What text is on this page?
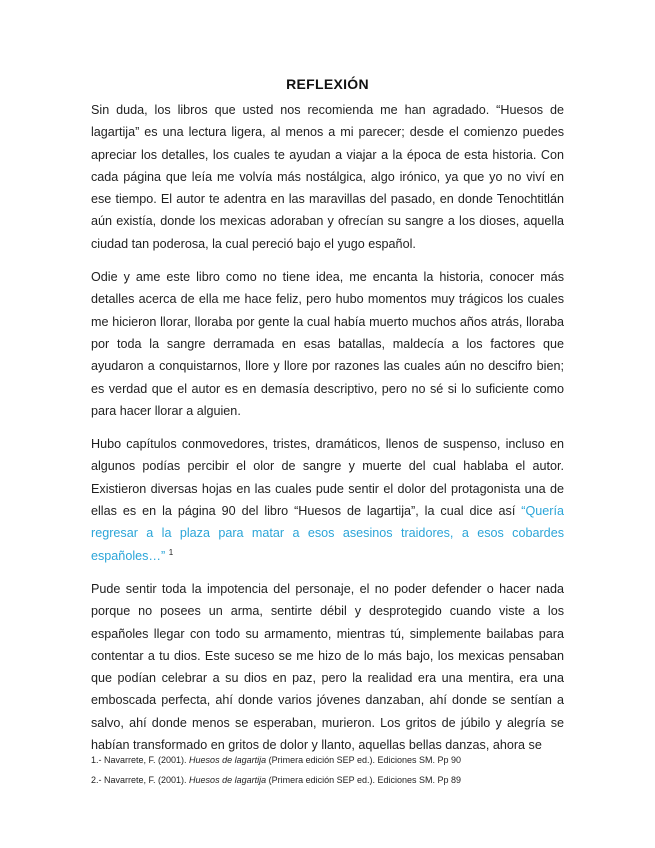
REFLEXIÓN

Sin duda, los libros que usted nos recomienda me han agradado. “Huesos de lagartija” es una lectura ligera, al menos a mi parecer; desde el comienzo puedes apreciar los detalles, los cuales te ayudan a viajar a la época de esta historia. Con cada página que leía me volvía más nostálgica, algo irónico, ya que yo no viví en ese tiempo. El autor te adentra en las maravillas del pasado, en donde Tenochtitlán aún existía, donde los mexicas adoraban y ofrecían su sangre a los dioses, aquella ciudad tan poderosa, la cual pereció bajo el yugo español.

Odie y ame este libro como no tiene idea, me encanta la historia, conocer más detalles acerca de ella me hace feliz, pero hubo momentos muy trágicos los cuales me hicieron llorar, lloraba por gente la cual había muerto muchos años atrás, lloraba por toda la sangre derramada en esas batallas, maldecía a los factores que ayudaron a conquistarnos, llore y llore por razones las cuales aún no descifro bien; es verdad que el autor es en demasía descriptivo, pero no sé si lo suficiente como para hacer llorar a alguien.

Hubo capítulos conmovedores, tristes, dramáticos, llenos de suspenso, incluso en algunos podías percibir el olor de sangre y muerte del cual hablaba el autor. Existieron diversas hojas en las cuales pude sentir el dolor del protagonista una de ellas es en la página 90 del libro “Huesos de lagartija”, la cual dice así “Quería regresar a la plaza para matar a esos asesinos traidores, a esos cobardes españoles…” $^1$

Pude sentir toda la impotencia del personaje, el no poder defender o hacer nada porque no posees un arma, sentirte débil y desprotegido cuando viste a los españoles llegar con todo su armamento, mientras tú, simplemente bailabas para contentar a tu dios. Este suceso se me hizo de lo más bajo, los mexicas pensaban que podían celebrar a su dios en paz, pero la realidad era una mentira, era una emboscada perfecta, ahí donde varios jóvenes danzaban, ahí donde se sentían a salvo, ahí donde menos se esperaban, murieron. Los gritos de júbilo y alegría se habían transformado en gritos de dolor y llanto, aquellas bellas danzas, ahora se

1.- Navarrete, F. (2001). Huesos de lagartija (Primera edición SEP ed.). Ediciones SM. Pp 90
2.- Navarrete, F. (2001). Huesos de lagartija (Primera edición SEP ed.). Ediciones SM. Pp 89
